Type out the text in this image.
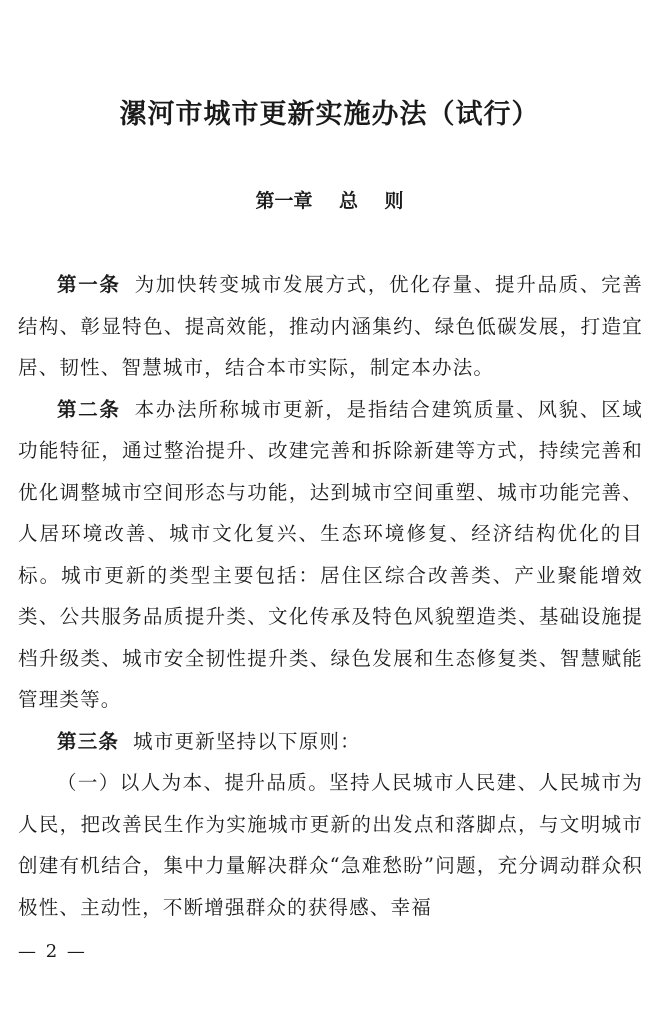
漯河市城市更新实施办法（试行）
第一章    总    则

第一条 为加快转变城市发展方式，优化存量、提升品质、完善结构、彰显特色、提高效能，推动内涵集约、绿色低碳发展，打造宜居、韧性、智慧城市，结合本市实际，制定本办法。

第二条 本办法所称城市更新，是指结合建筑质量、风貌、区域功能特征，通过整治提升、改建完善和拆除新建等方式，持续完善和优化调整城市空间形态与功能，达到城市空间重塑、城市功能完善、人居环境改善、城市文化复兴、生态环境修复、经济结构优化的目标。城市更新的类型主要包括：居住区综合改善类、产业聚能增效类、公共服务品质提升类、文化传承及特色风貌塑造类、基础设施提档升级类、城市安全韧性提升类、绿色发展和生态修复类、智慧赋能管理类等。

第三条 城市更新坚持以下原则：

（一）以人为本、提升品质。坚持人民城市人民建、人民城市为人民，把改善民生作为实施城市更新的出发点和落脚点，与文明城市创建有机结合，集中力量解决群众“急难愁盼”问题，充分调动群众积极性、主动性，不断增强群众的获得感、幸福

— 2 —
